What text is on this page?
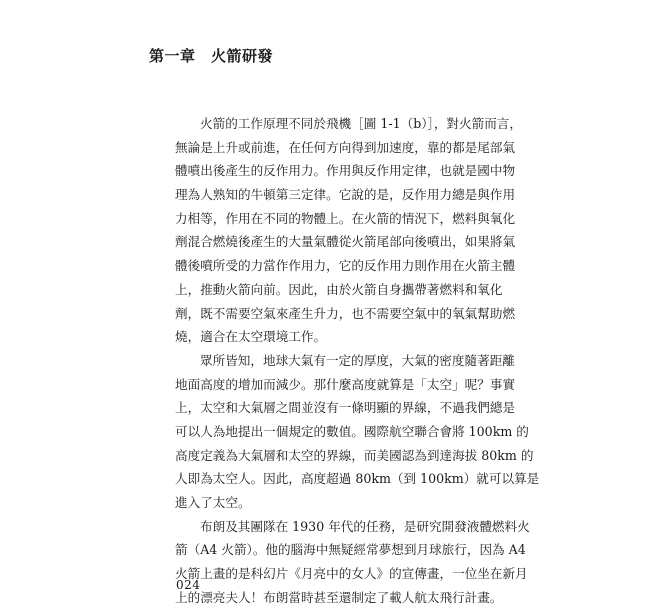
第一章　火箭研發
火箭的工作原理不同於飛機［圖 1-1（b）］，對火箭而言，
無論是上升或前進，在任何方向得到加速度，靠的都是尾部氣
體噴出後產生的反作用力。作用與反作用定律，也就是國中物
理為人熟知的牛頓第三定律。它說的是，反作用力總是與作用
力相等，作用在不同的物體上。在火箭的情況下，燃料與氧化
劑混合燃燒後產生的大量氣體從火箭尾部向後噴出，如果將氣
體後噴所受的力當作作用力，它的反作用力則作用在火箭主體
上，推動火箭向前。因此，由於火箭自身攜帶著燃料和氧化
劑，既不需要空氣來產生升力，也不需要空氣中的氧氣幫助燃
燒，適合在太空環境工作。
眾所皆知，地球大氣有一定的厚度，大氣的密度隨著距離
地面高度的增加而減少。那什麼高度就算是「太空」呢？事實
上，太空和大氣層之間並沒有一條明顯的界線，不過我們總是
可以人為地提出一個規定的數值。國際航空聯合會將 100km 的
高度定義為大氣層和太空的界線，而美國認為到達海拔 80km 的
人即為太空人。因此，高度超過 80km（到 100km）就可以算是
進入了太空。
布朗及其團隊在 1930 年代的任務，是研究開發液體燃料火
箭（A4 火箭）。他的腦海中無疑經常夢想到月球旅行，因為 A4
火箭上畫的是科幻片《月亮中的女人》的宣傳畫，一位坐在新月
上的漂亮夫人！布朗當時甚至還制定了載人航太飛行計畫。
024
